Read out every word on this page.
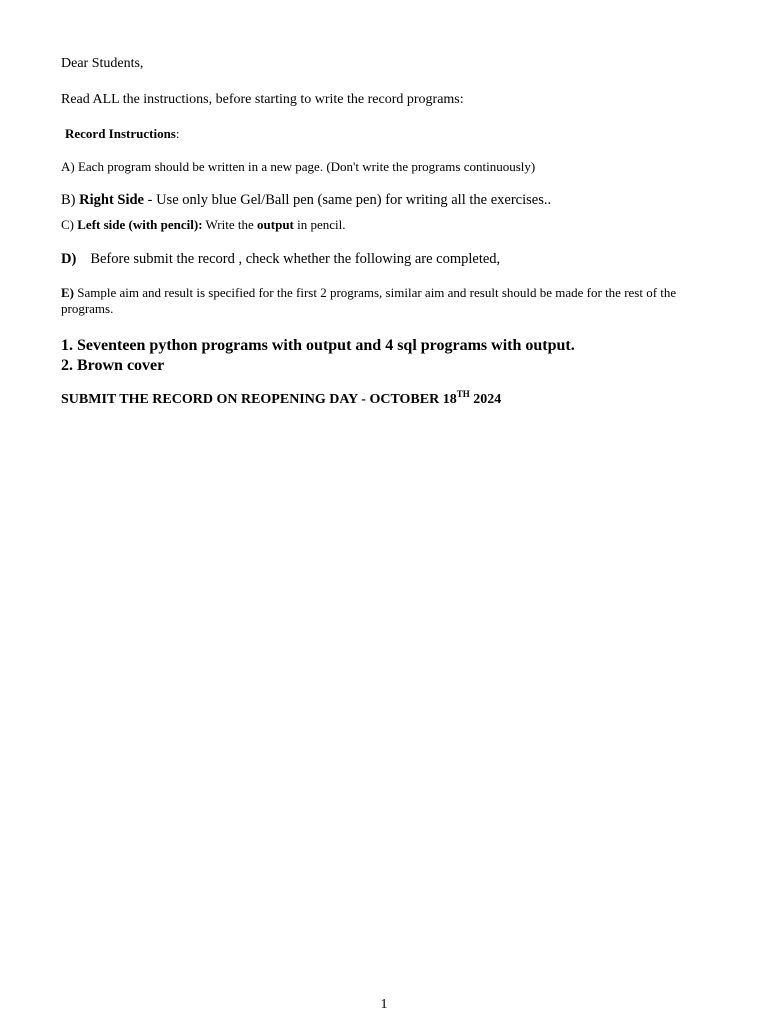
Dear Students,
Read ALL the instructions, before starting to write the record programs:
Record Instructions:
A) Each program should be written in a new page. (Don't write the programs continuously)
B) Right Side - Use only blue Gel/Ball pen (same pen) for writing all the exercises..
C) Left side (with pencil): Write the output in pencil.
D) Before submit the record , check whether the following are completed,
E) Sample aim and result is specified for the first 2 programs, similar aim and result should be made for the rest of the programs.
1. Seventeen python programs with output and 4 sql programs with output.
2. Brown cover
SUBMIT THE RECORD ON REOPENING DAY - OCTOBER 18TH 2024
1
